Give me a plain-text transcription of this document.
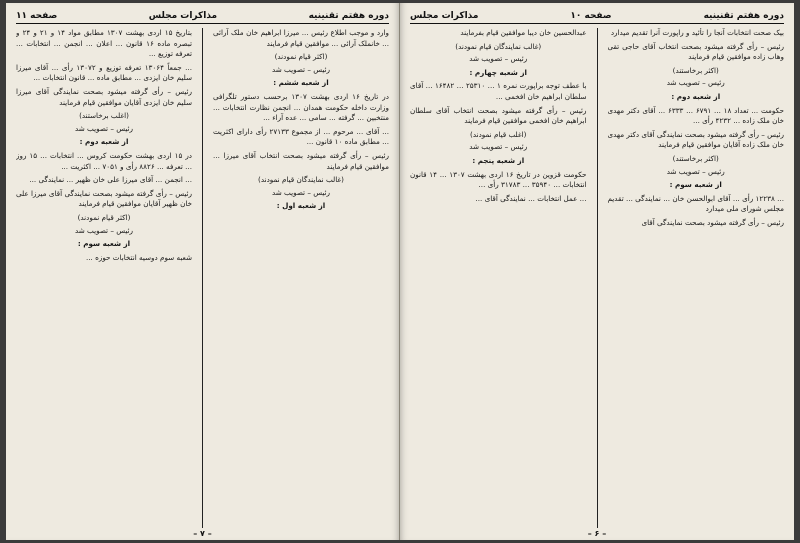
دوره هفتم تقنینیه
مذاکرات مجلس
صفحه ۱۱

وارد و موجب اطلاع رئیس ... میرزا ابراهیم خان ملک آرائی ... خانملک آرائی ... موافقین قیام فرمایند

(اکثر قیام نمودند)
رئیس – تصویب شد
از شعبه ششم :

در تاریخ ۱۶ اردی بهشت ۱۳۰۷ برحسب دستور تلگرافی وزارت داخله حکومت همدان ... انجمن نظارت انتخابات ... منتخبین ... گرفته ... سامی ... عده آراء ...

... آقای ... مرحوم ... از مجموع ۲۷۱۳۳ رأی دارای اکثریت ... مطابق ماده ۱۰ قانون ...

رئیس – رأی گرفته میشود بصحت انتخاب آقای میرزا ... موافقین قیام فرمایند

(غالب نمایندگان قیام نمودند)
رئیس – تصویب شد
از شعبه اول :

بتاریخ ۱۵ اردی بهشت ۱۳۰۷ مطابق مواد ۱۴ و ۲۱ و ۲۴ و تبصره ماده ۱۶ قانون ... اعلان ... انجمن ... انتخابات ... تعرفه توزیع ...

... جمعاً ۱۳۰۶۴ تعرفه توزیع و ۱۳۰۷۲ رأی ... آقای میرزا سلیم خان ایزدی ... مطابق ماده ... قانون انتخابات ...

رئیس – رأی گرفته میشود بصحت نمایندگی آقای میرزا سلیم خان ایزدی آقایان موافقین قیام فرمایند

(اغلب برخاستند)
رئیس – تصویب شد
از شعبه دوم :

در ۱۵ اردی بهشت حکومت کروس ... انتخابات ... ۱۵ روز ... تعرفه ... ۸۸۲۶ رأی و ۷۰۵۱ ... اکثریت ...

... انجمن ... آقای میرزا علی خان ظهیر ... نمایندگی ...

رئیس – رأی گرفته میشود بصحت نمایندگی آقای میرزا علی خان ظهیر آقایان موافقین قیام فرمایند

(اکثر قیام نمودند)
رئیس – تصویب شد
از شعبه سوم :

شعبه سوم دوسیه انتخابات حوزه ...

– ۷ –
دوره هفتم تقنینیه
صفحه ۱۰
مذاکرات مجلس

بیک صحت انتخابات آنجا را تأئید و راپورت آنرا تقدیم میدارد

رئیس – رأی گرفته میشود بصحت انتخاب آقای حاجی تقی وهاب زاده موافقین قیام فرمایند

(اکثر برخاستند)
رئیس – تصویب شد
از شعبه دوم :

حکومت ... تعداد ۱۸ ... ۶۷۹۱ ... ۶۳۳۳ ... آقای دکتر مهدی خان ملک زاده ... ۴۲۳۲ رأی ...

رئیس – رأی گرفته میشود بصحت نمایندگی آقای دکتر مهدی خان ملک زاده آقایان موافقین قیام فرمایند

(اکثر برخاستند)
رئیس – تصویب شد
از شعبه سوم :

... ۱۲۲۳۸ رأی ... آقای ابوالحسن خان ... نمایندگی ... تقدیم مجلس شورای ملی میدارد

رئیس – رأی گرفته میشود بصحت نمایندگی آقای

عبدالحسین خان دیبا موافقین قیام بفرمایند

(غالب نمایندگان قیام نمودند)
رئیس – تصویب شد
از شعبه چهارم :

با عطف توجه براپورت نمره ۱ ... ۲۵۳۱۰ ... ۱۶۴۸۲ ... آقای سلطان ابراهیم خان افخمی ...

رئیس – رأی گرفته میشود بصحت انتخاب آقای سلطان ابراهیم خان افخمی موافقین قیام فرمایند

(اغلب قیام نمودند)
رئیس – تصویب شد
از شعبه پنجم :

حکومت قزوین در تاریخ ۱۶ اردی بهشت ۱۳۰۷ ... ۱۴ قانون انتخابات ... ۳۵۹۴۰ ... ۳۱۷۸۳ رأی ...

... عمل انتخابات ... نمایندگی آقای ...

– ۶ –
